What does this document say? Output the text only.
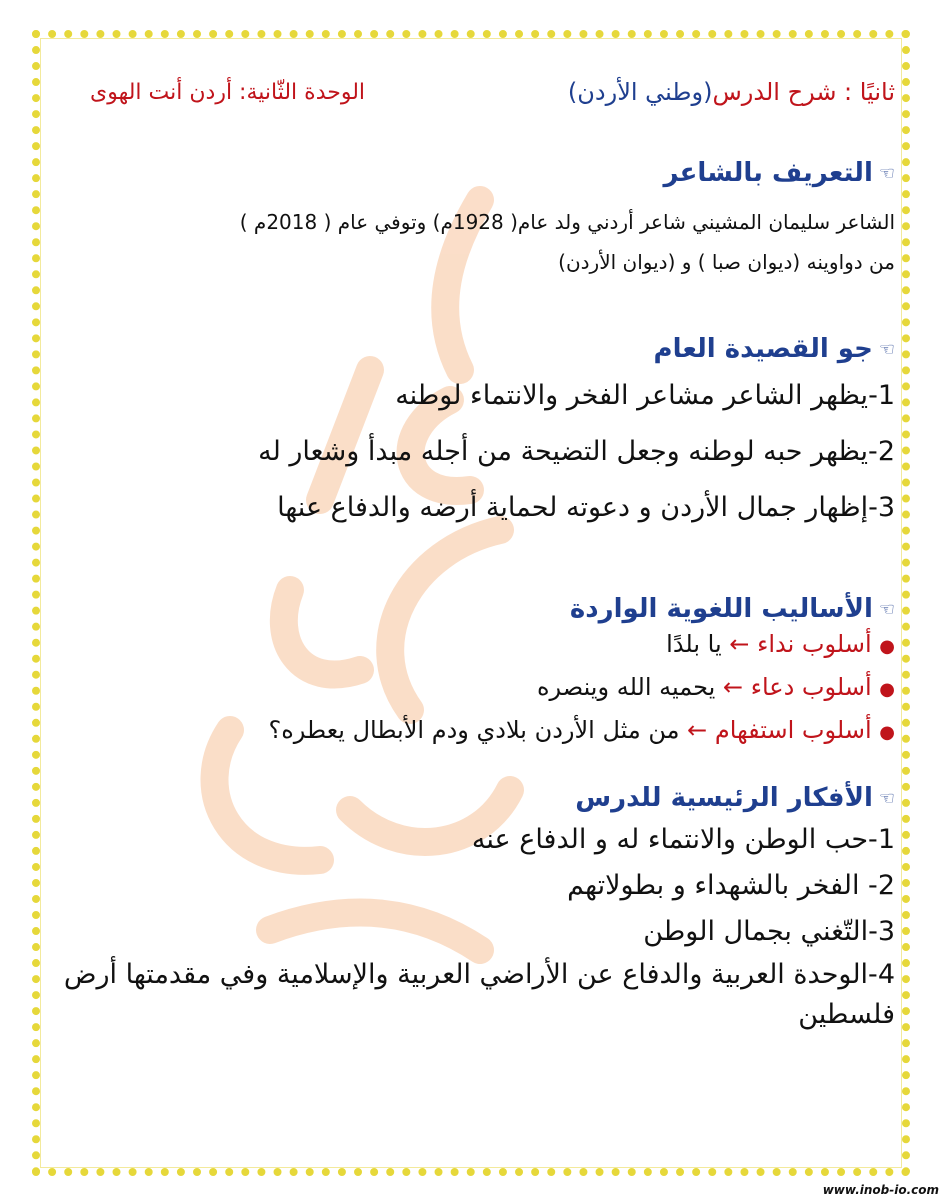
ثانيًا : شرح الدرس(وطني الأردن)
الوحدة الثّانية: أردن أنت الهوى
☜
التعريف بالشاعر

الشاعر سليمان المشيني شاعر أردني ولد عام( 1928م) وتوفي عام ( 2018م )

من دواوينه (ديوان صبا ) و (ديوان الأردن)

☜
جو القصيدة العام

1-يظهر الشاعر مشاعر الفخر والانتماء لوطنه

2-يظهر حبه لوطنه وجعل التضيحة من أجله مبدأ وشعار له

3-إظهار جمال الأردن و دعوته لحماية أرضه والدفاع عنها

☜
الأساليب اللغوية الواردة

● أسلوب نداء ← يا بلدًا

● أسلوب دعاء ← يحميه الله وينصره

● أسلوب استفهام ← من مثل الأردن بلادي ودم الأبطال يعطره؟

☜
الأفكار الرئيسية للدرس

1-حب الوطن والانتماء له و الدفاع عنه

2- الفخر بالشهداء و بطولاتهم

3-التّغني بجمال الوطن

4-الوحدة العربية والدفاع عن الأراضي العربية والإسلامية وفي مقدمتها أرض فلسطين

www.inob-io.com
